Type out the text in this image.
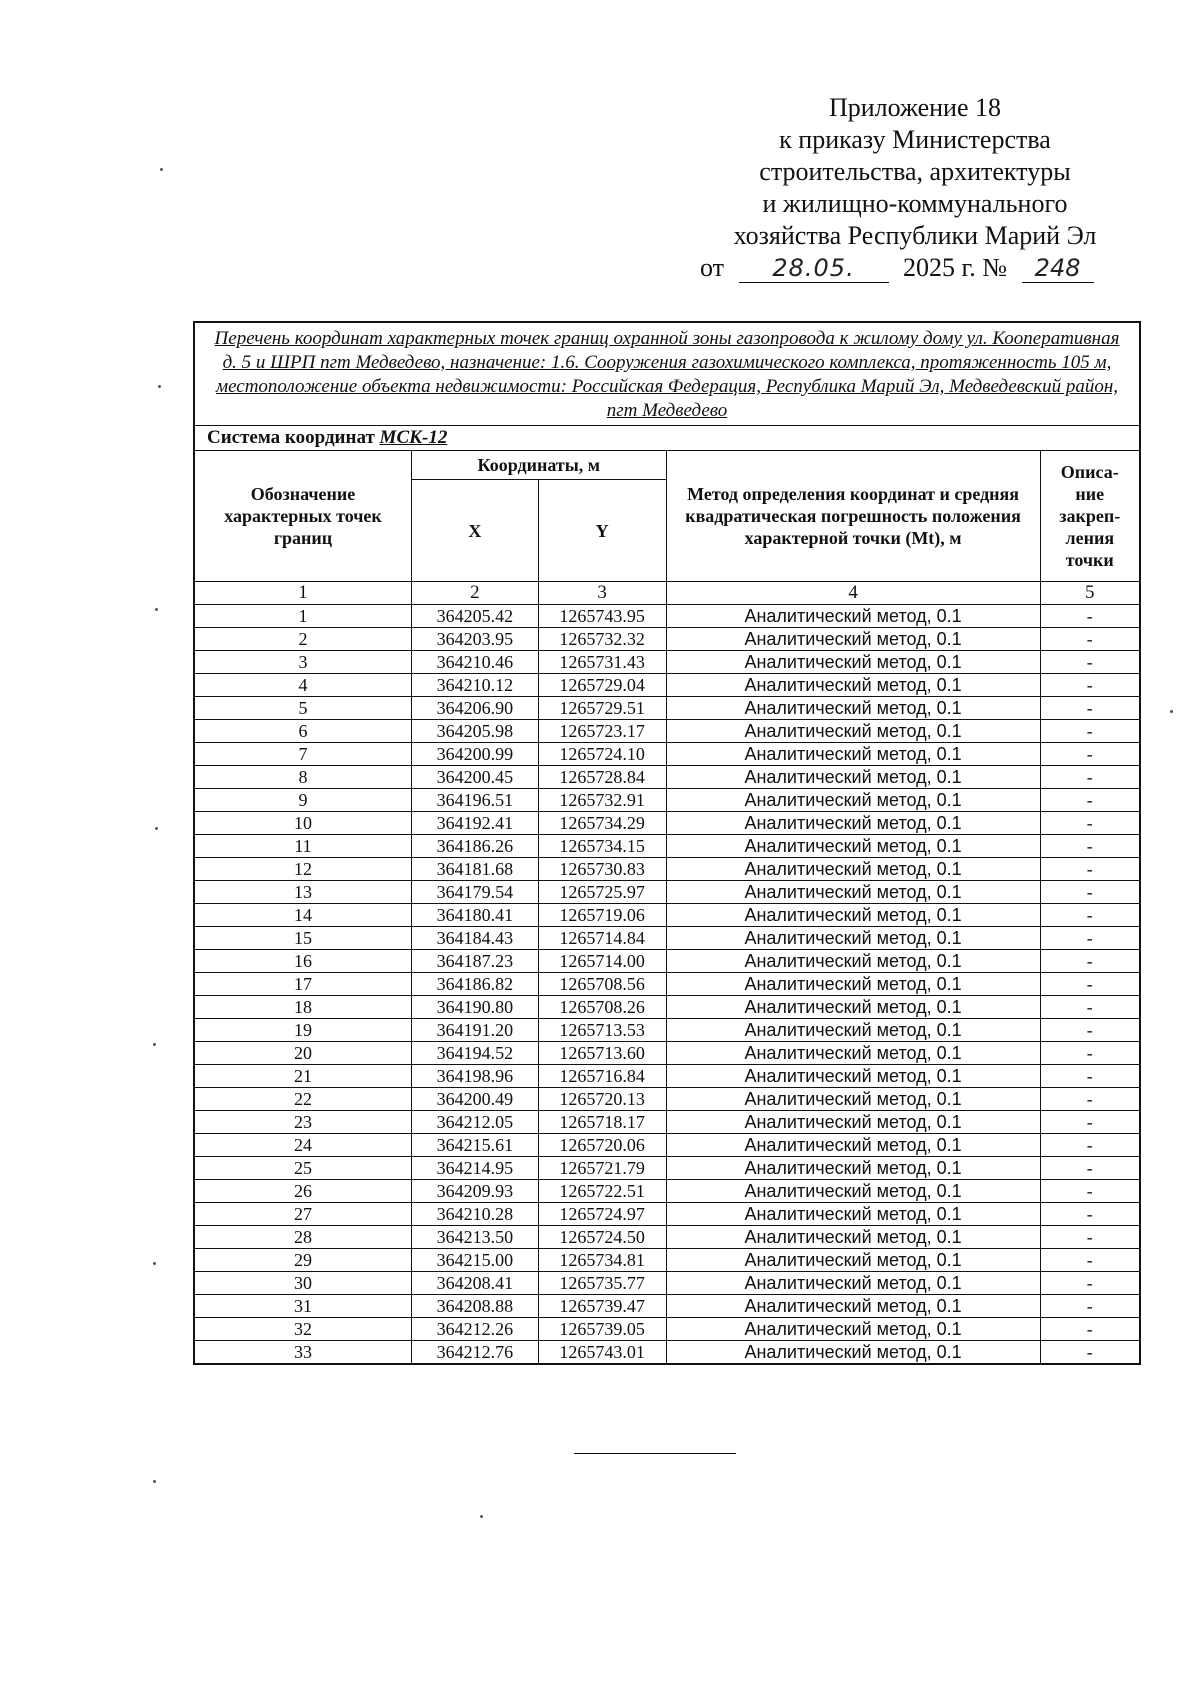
Приложение 18
к приказу Министерства
строительства, архитектуры
и жилищно-коммунального
хозяйства Республики Марий Эл
от 28.05. 2025 г. № 248
Перечень координат характерных точек границ охранной зоны газопровода к жилому дому ул. Кооперативная д. 5 и ШРП пгт Медведево, назначение: 1.6. Сооружения газохимического комплекса, протяженность 105 м, местоположение объекта недвижимости: Российская Федерация, Республика Марий Эл, Медведевский район, пгт Медведево				
Система координат МСК-12				
Обозначение характерных точек границ	Координаты, м		Метод определения координат и средняя квадратическая погрешность положения характерной точки (Mt), м	Описа-ние закреп-ления точки
	X	Y		
1	2	3	4	5
1	364205.42	1265743.95	Аналитический метод, 0.1	-
2	364203.95	1265732.32	Аналитический метод, 0.1	-
3	364210.46	1265731.43	Аналитический метод, 0.1	-
4	364210.12	1265729.04	Аналитический метод, 0.1	-
5	364206.90	1265729.51	Аналитический метод, 0.1	-
6	364205.98	1265723.17	Аналитический метод, 0.1	-
7	364200.99	1265724.10	Аналитический метод, 0.1	-
8	364200.45	1265728.84	Аналитический метод, 0.1	-
9	364196.51	1265732.91	Аналитический метод, 0.1	-
10	364192.41	1265734.29	Аналитический метод, 0.1	-
11	364186.26	1265734.15	Аналитический метод, 0.1	-
12	364181.68	1265730.83	Аналитический метод, 0.1	-
13	364179.54	1265725.97	Аналитический метод, 0.1	-
14	364180.41	1265719.06	Аналитический метод, 0.1	-
15	364184.43	1265714.84	Аналитический метод, 0.1	-
16	364187.23	1265714.00	Аналитический метод, 0.1	-
17	364186.82	1265708.56	Аналитический метод, 0.1	-
18	364190.80	1265708.26	Аналитический метод, 0.1	-
19	364191.20	1265713.53	Аналитический метод, 0.1	-
20	364194.52	1265713.60	Аналитический метод, 0.1	-
21	364198.96	1265716.84	Аналитический метод, 0.1	-
22	364200.49	1265720.13	Аналитический метод, 0.1	-
23	364212.05	1265718.17	Аналитический метод, 0.1	-
24	364215.61	1265720.06	Аналитический метод, 0.1	-
25	364214.95	1265721.79	Аналитический метод, 0.1	-
26	364209.93	1265722.51	Аналитический метод, 0.1	-
27	364210.28	1265724.97	Аналитический метод, 0.1	-
28	364213.50	1265724.50	Аналитический метод, 0.1	-
29	364215.00	1265734.81	Аналитический метод, 0.1	-
30	364208.41	1265735.77	Аналитический метод, 0.1	-
31	364208.88	1265739.47	Аналитический метод, 0.1	-
32	364212.26	1265739.05	Аналитический метод, 0.1	-
33	364212.76	1265743.01	Аналитический метод, 0.1	-
